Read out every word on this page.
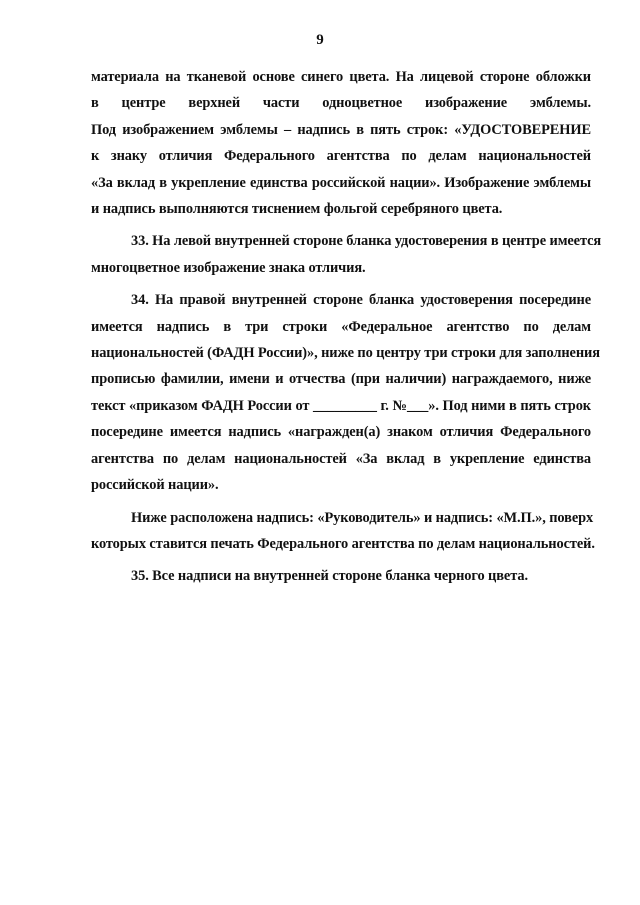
9

материала на тканевой основе синего цвета. На лицевой стороне обложки
в центре верхней части одноцветное изображение эмблемы.
Под изображением эмблемы – надпись в пять строк: «УДОСТОВЕРЕНИЕ
к знаку отличия Федерального агентства по делам национальностей
«За вклад в укрепление единства российской нации». Изображение эмблемы
и надпись выполняются тиснением фольгой серебряного цвета.

33. На левой внутренней стороне бланка удостоверения в центре имеется
многоцветное изображение знака отличия.

34. На правой внутренней стороне бланка удостоверения посередине
имеется надпись в три строки «Федеральное агентство по делам
национальностей (ФАДН России)», ниже по центру три строки для заполнения
прописью фамилии, имени и отчества (при наличии) награждаемого, ниже
текст «приказом ФАДН России от _________ г. №___». Под ними в пять строк
посередине имеется надпись «награжден(а) знаком отличия Федерального
агентства по делам национальностей «За вклад в укрепление единства
российской нации».

Ниже расположена надпись: «Руководитель» и надпись: «М.П.», поверх
которых ставится печать Федерального агентства по делам национальностей.

35. Все надписи на внутренней стороне бланка черного цвета.
